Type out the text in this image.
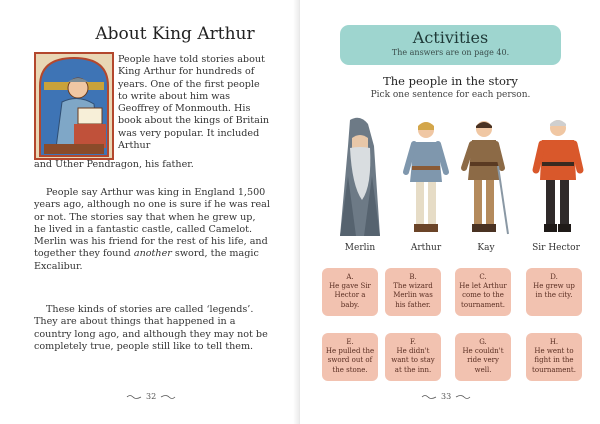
About King Arthur
People have told stories about King Arthur for hundreds of years. One of the first people to write about him was Geoffrey of Monmouth. His book about the kings of Britain was very popular. It included Arthur
and Uther Pendragon, his father.
People say Arthur was king in England 1,500 years ago, although no one is sure if he was real or not. The stories say that when he grew up, he lived in a fantastic castle, called Camelot. Merlin was his friend for the rest of his life, and together they found another sword, the magic Excalibur.
These kinds of stories are called ‘legends’. They are about things that happened in a country long ago, and although they may not be completely true, people still like to tell them.
32
Activities
The answers are on page 40.
The people in the story
Pick one sentence for each person.
Merlin	Arthur	Kay	Sir Hector
A.
He gave Sir Hector a baby.
B.
The wizard Merlin was his father.
C.
He let Arthur come to the tournament.
D.
He grew up in the city.
E.
He pulled the sword out of the stone.
F.
He didn't want to stay at the inn.
G.
He couldn't ride very well.
H.
He went to fight in the tournament.
33
